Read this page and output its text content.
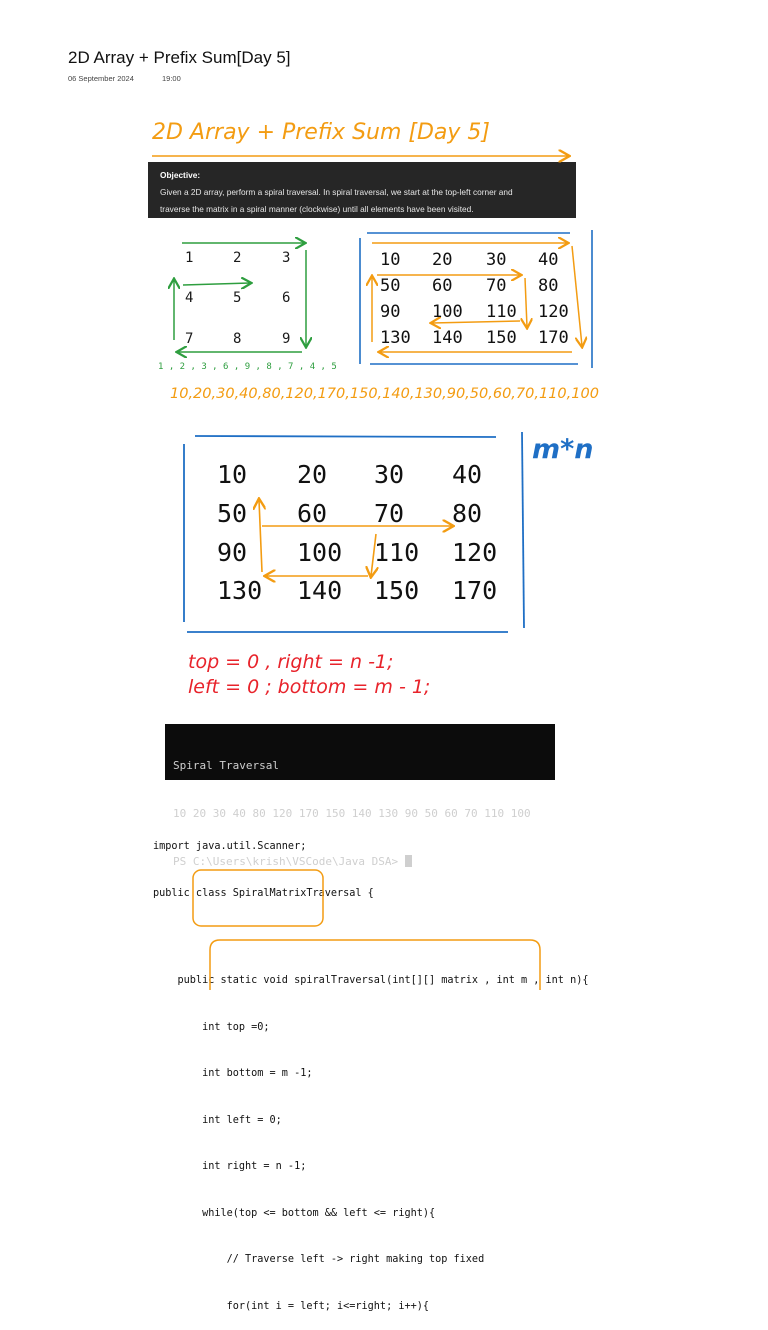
2D Array + Prefix Sum[Day 5]
06 September 2024	19:00
2D Array + Prefix Sum [Day 5]
Objective:
Given a 2D array, perform a spiral traversal. In spiral traversal, we start at the top-left corner and
traverse the matrix in a spiral manner (clockwise) until all elements have been visited.
1	2	3
4	5	6
7	8	9
1 , 2 , 3 , 6 , 9 , 8 , 7 , 4 , 5
10 20 30 40
50 60 70 80
90 100 110 120
130 140 150 170
10,20,30,40,80,120,170,150,140,130,90,50,60,70,110,100
10 20 30 40
50 60 70 80
90 100 110 120
130 140 150 170
m*n
top = 0 , right = n -1;
left = 0 ; bottom = m - 1;

Spiral Traversal

10 20 30 40 80 120 170 150 140 130 90 50 60 70 110 100

PS C:\Users\krish\VSCode\Java DSA>

import java.util.Scanner;

public class SpiralMatrixTraversal {

public static void spiralTraversal(int[][] matrix , int m , int n){

int top =0;

int bottom = m -1;

int left = 0;

int right = n -1;

while(top <= bottom && left <= right){

// Traverse left -> right making top fixed

for(int i = left; i<=right; i++){
